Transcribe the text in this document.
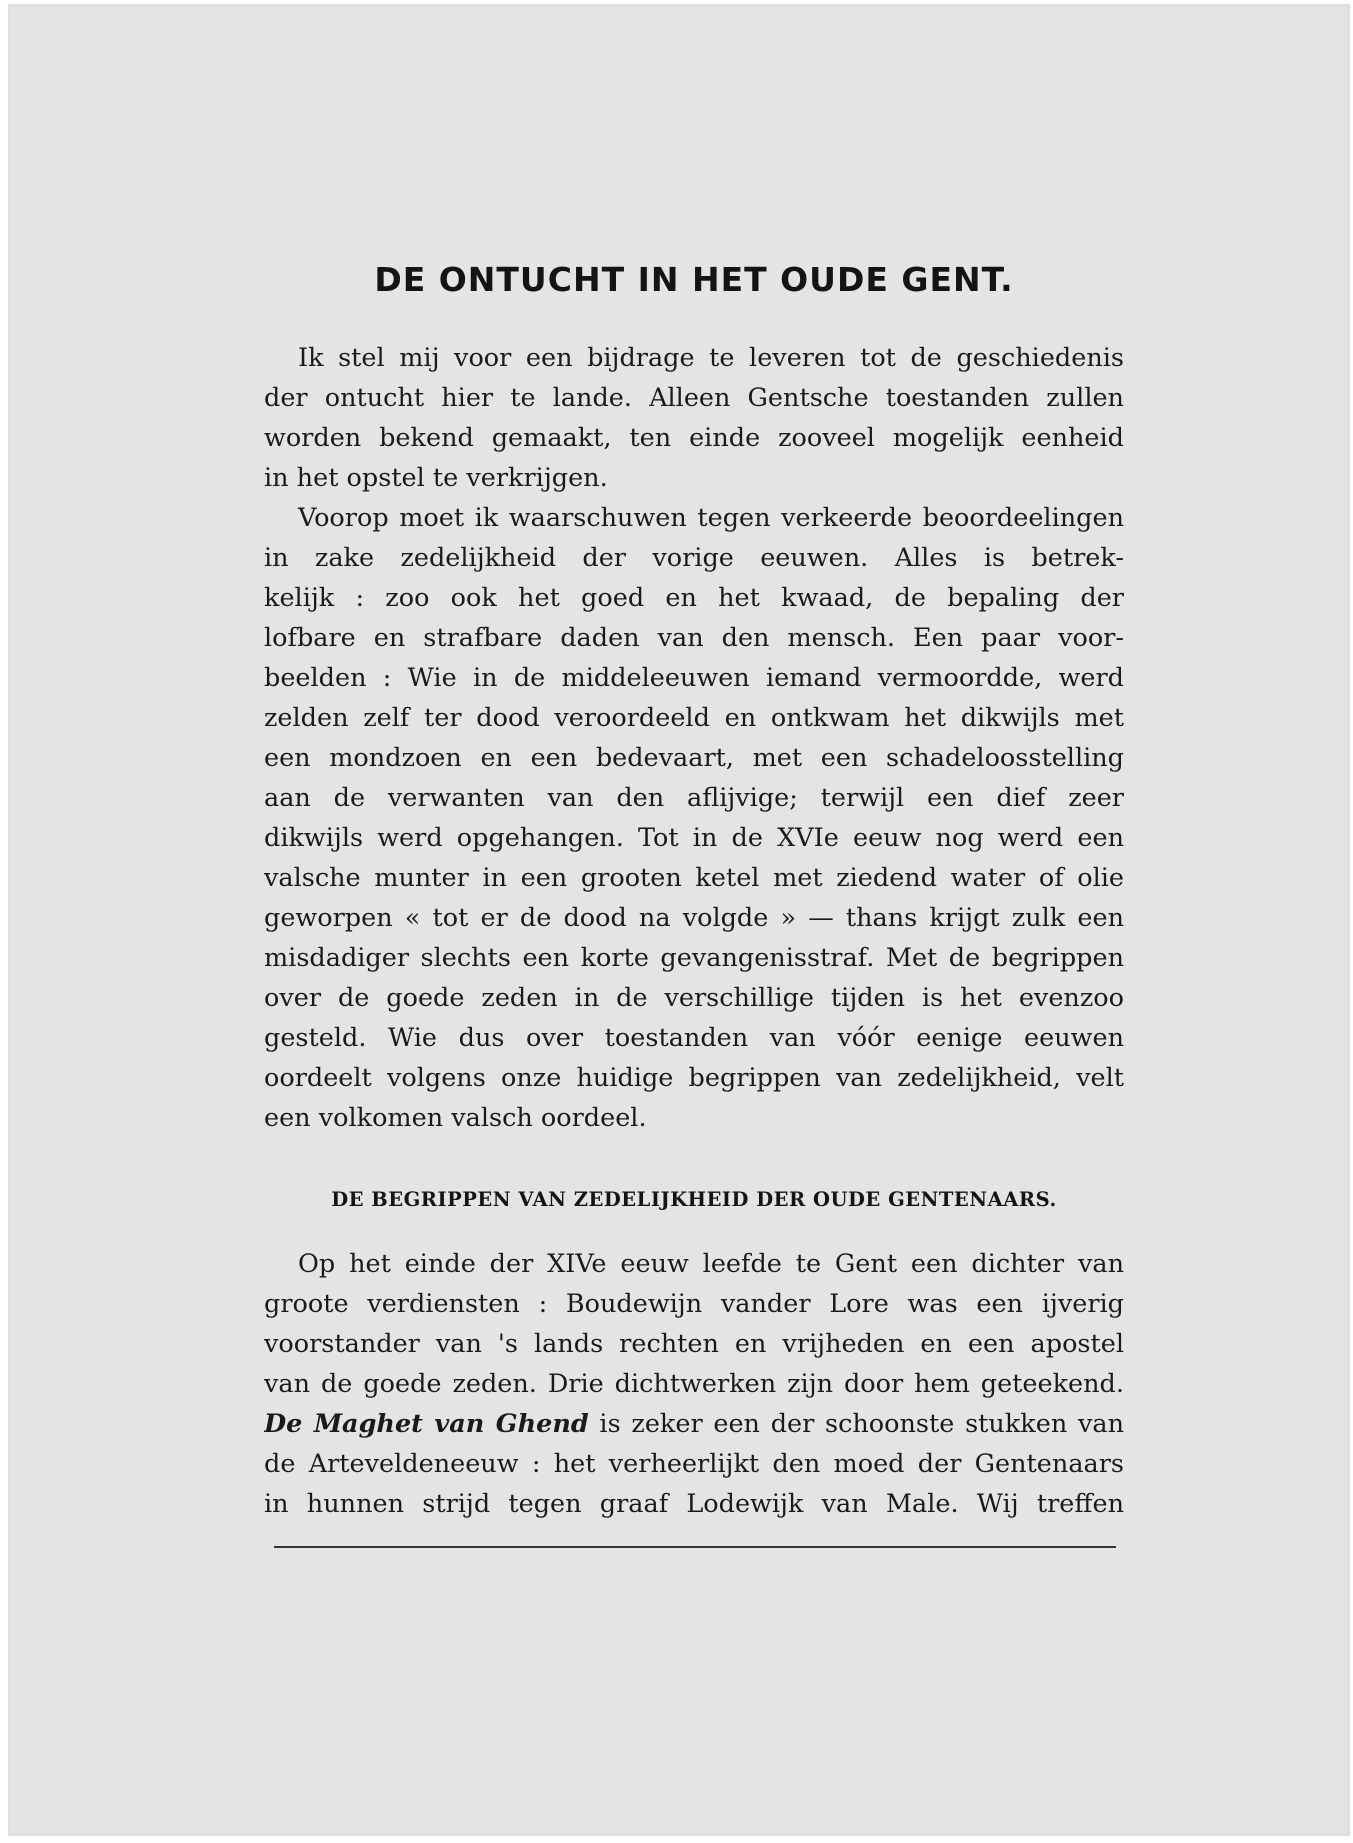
DE ONTUCHT IN HET OUDE GENT.

Ik stel mij voor een bijdrage te leveren tot de geschiedenis
der ontucht hier te lande. Alleen Gentsche toestanden zullen
worden bekend gemaakt, ten einde zooveel mogelijk eenheid
in het opstel te verkrijgen.

Voorop moet ik waarschuwen tegen verkeerde beoordeelingen
in zake zedelijkheid der vorige eeuwen. Alles is betrek-
kelijk : zoo ook het goed en het kwaad, de bepaling der
lofbare en strafbare daden van den mensch. Een paar voor-
beelden : Wie in de middeleeuwen iemand vermoordde, werd
zelden zelf ter dood veroordeeld en ontkwam het dikwijls met
een mondzoen en een bedevaart, met een schadeloosstelling
aan de verwanten van den aflijvige; terwijl een dief zeer
dikwijls werd opgehangen. Tot in de XVIe eeuw nog werd een
valsche munter in een grooten ketel met ziedend water of olie
geworpen « tot er de dood na volgde » — thans krijgt zulk een
misdadiger slechts een korte gevangenisstraf. Met de begrippen
over de goede zeden in de verschillige tijden is het evenzoo
gesteld. Wie dus over toestanden van vóór eenige eeuwen
oordeelt volgens onze huidige begrippen van zedelijkheid, velt
een volkomen valsch oordeel.

DE BEGRIPPEN VAN ZEDELIJKHEID DER OUDE GENTENAARS.

Op het einde der XIVe eeuw leefde te Gent een dichter van
groote verdiensten : Boudewijn vander Lore was een ijverig
voorstander van 's lands rechten en vrijheden en een apostel
van de goede zeden. Drie dichtwerken zijn door hem geteekend.
De Maghet van Ghend is zeker een der schoonste stukken van
de Arteveldeneeuw : het verheerlijkt den moed der Gentenaars
in hunnen strijd tegen graaf Lodewijk van Male. Wij treffen
